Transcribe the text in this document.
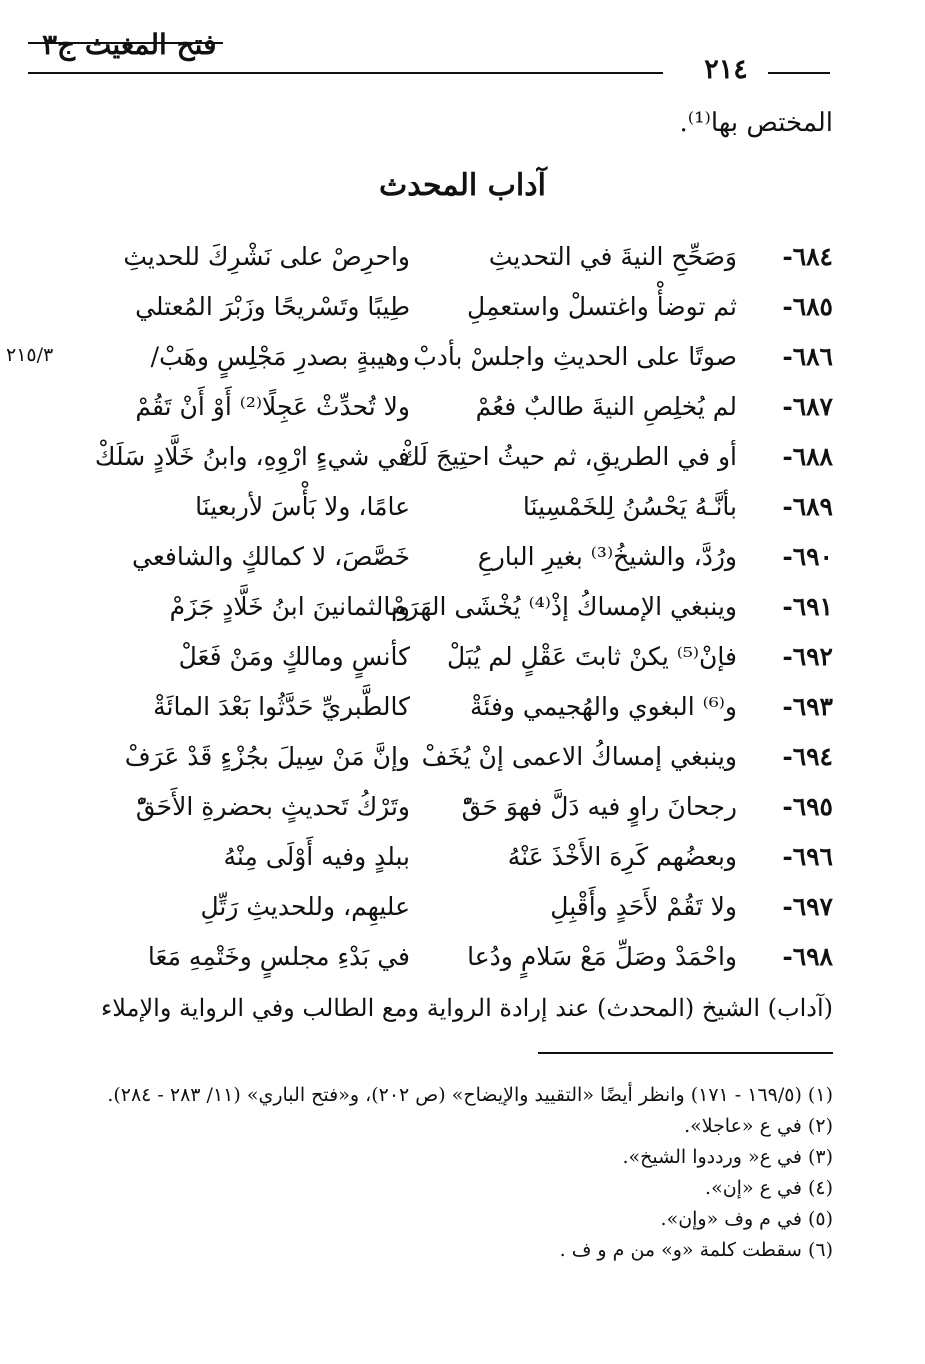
فتح المغيث ج٣
٢١٤
المختص بها⁽¹⁾.
آداب المحدث
٢١٥/٣
٦٨٤-
وَصَحِّحِ النيةَ في التحديثِ
واحرِصْ على نَشْرِكَ للحديثِ
٦٨٥-
ثم توضأْ واغتسلْ واستعمِلِ
طِيبًا وتَسْريحًا وزَبْرَ المُعتلي
٦٨٦-
صوتًا على الحديثِ واجلسْ بأدبْ
وهيبةٍ بصدرِ مَجْلِسٍ وهَبْ/
٦٨٧-
لم يُخلِصِ النيةَ طالبٌ فعُمْ
ولا تُحدِّثْ عَجِلًا⁽²⁾ أَوْ أَنْ تَقُمْ
٦٨٨-
أو في الطريقِ، ثم حيثُ احتِيجَ لَكْ
في شيءٍ ارْوِهِ، وابنُ خَلَّادٍ سَلَكْ
٦٨٩-
بأنَّـهُ يَحْسُنُ لِلخَمْسِينَا
عامًا، ولا بَأْسَ لأربعينَا
٦٩٠-
ورُدَّ، والشيخُ⁽³⁾ بغيرِ البارعِ
خَصَّصَ، لا كمالكٍ والشافعي
٦٩١-
وينبغي الإمساكُ إذْ⁽⁴⁾ يُخْشَى الهَرَمْ
وبالثمانينَ ابنُ خَلَّادٍ جَزَمْ
٦٩٢-
فإنْ⁽⁵⁾ يكنْ ثابتَ عَقْلٍ لم يُبَلْ
كأنسٍ ومالكٍ ومَنْ فَعَلْ
٦٩٣-
و⁽⁶⁾ البغوي والهُجيمي وفئَةْ
كالطَّبريِّ حَدَّثُوا بَعْدَ المائَةْ
٦٩٤-
وينبغي إمساكُ الاعمى إنْ يُخَفْ
وإنَّ مَنْ سِيلَ بجُزْءٍ قَدْ عَرَفْ
٦٩٥-
رجحانَ راوٍ فيه دَلَّ فهوَ حَقّْ
وتَرْكُ تَحديثٍ بحضرةِ الأَحَقّْ
٦٩٦-
وبعضُهم كَرِهَ الأَخْذَ عَنْهُ
ببلدٍ وفيه أَوْلَى مِنْهُ
٦٩٧-
ولا تَقُمْ لأَحَدٍ وأَقْبِلِ
عليهِم، وللحديثِ رَتِّلِ
٦٩٨-
واحْمَدْ وصَلِّ مَعْ سَلامٍ ودُعا
في بَدْءِ مجلسٍ وخَتْمِهِ مَعَا
(آداب) الشيخ (المحدث) عند إرادة الرواية ومع الطالب وفي الرواية والإملاء
(١) (١٦٩/٥ - ١٧١) وانظر أيضًا «التقييد والإيضاح» (ص ٢٠٢)، و«فتح الباري» (١١/ ٢٨٣ - ٢٨٤).
(٢) في ع «عاجلا».
(٣) في ع« ورددوا الشيخ».
(٤) في ع «إن».
(٥) في م وف «وإن».
(٦) سقطت كلمة «و» من م و ف .
